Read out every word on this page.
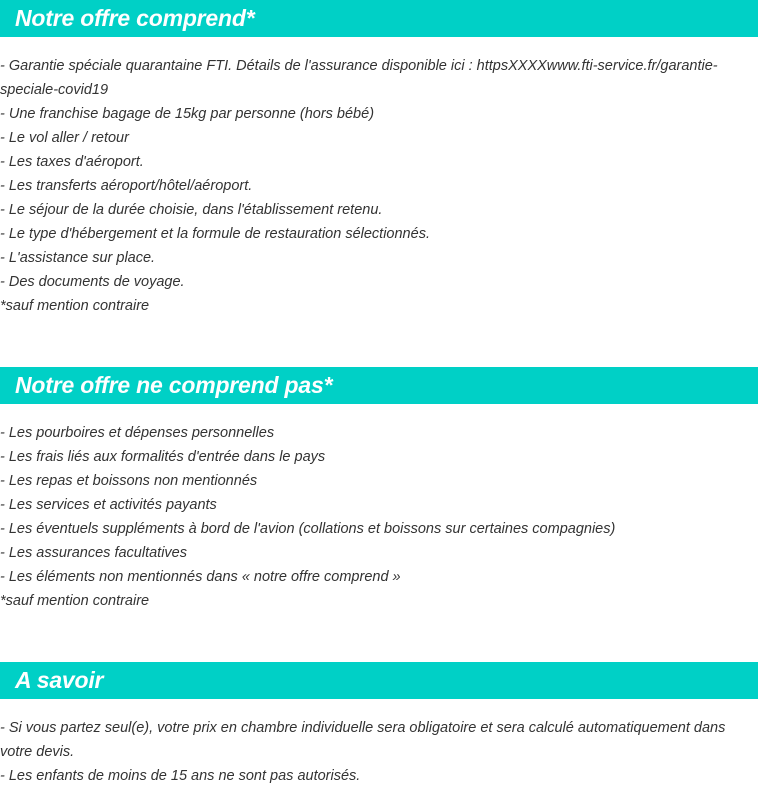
Notre offre comprend*

- Garantie spéciale quarantaine FTI. Détails de l'assurance disponible ici : httpsXXXXwww.fti-service.fr/garantie-speciale-covid19

- Une franchise bagage de 15kg par personne (hors bébé)

- Le vol aller / retour

- Les taxes d'aéroport.

- Les transferts aéroport/hôtel/aéroport.

- Le séjour de la durée choisie, dans l'établissement retenu.

- Le type d'hébergement et la formule de restauration sélectionnés.

- L'assistance sur place.

- Des documents de voyage.

*sauf mention contraire

Notre offre ne comprend pas*

- Les pourboires et dépenses personnelles

- Les frais liés aux formalités d'entrée dans le pays

- Les repas et boissons non mentionnés

- Les services et activités payants

- Les éventuels suppléments à bord de l'avion (collations et boissons sur certaines compagnies)

- Les assurances facultatives

- Les éléments non mentionnés dans « notre offre comprend »

*sauf mention contraire

A savoir

- Si vous partez seul(e), votre prix en chambre individuelle sera obligatoire et sera calculé automatiquement dans votre devis.

- Les enfants de moins de 15 ans ne sont pas autorisés.
